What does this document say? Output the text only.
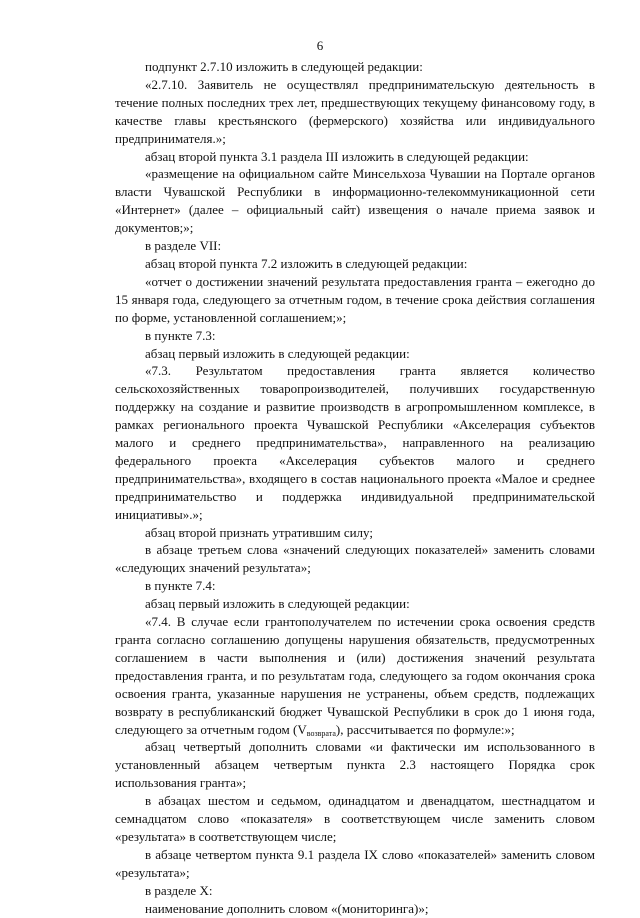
6

подпункт 2.7.10 изложить в следующей редакции:

«2.7.10. Заявитель не осуществлял предпринимательскую деятельность в течение полных последних трех лет, предшествующих текущему финансовому году, в качестве главы крестьянского (фермерского) хозяйства или индивидуального предпринимателя.»;

абзац второй пункта 3.1 раздела III изложить в следующей редакции:

«размещение на официальном сайте Минсельхоза Чувашии на Портале органов власти Чувашской Республики в информационно-телекоммуникационной сети «Интернет» (далее – официальный сайт) извещения о начале приема заявок и документов;»;

в разделе VII:

абзац второй пункта 7.2 изложить в следующей редакции:

«отчет о достижении значений результата предоставления гранта – ежегодно до 15 января года, следующего за отчетным годом, в течение срока действия соглашения по форме, установленной соглашением;»;

в пункте 7.3:

абзац первый изложить в следующей редакции:

«7.3. Результатом предоставления гранта является количество сельскохозяйственных товаропроизводителей, получивших государственную поддержку на создание и развитие производств в агропромышленном комплексе, в рамках регионального проекта Чувашской Республики «Акселерация субъектов малого и среднего предпринимательства», направленного на реализацию федерального проекта «Акселерация субъектов малого и среднего предпринимательства», входящего в состав национального проекта «Малое и среднее предпринимательство и поддержка индивидуальной предпринимательской инициативы».»;

абзац второй признать утратившим силу;

в абзаце третьем слова «значений следующих показателей» заменить словами «следующих значений результата»;

в пункте 7.4:

абзац первый изложить в следующей редакции:

«7.4. В случае если грантополучателем по истечении срока освоения средств гранта согласно соглашению допущены нарушения обязательств, предусмотренных соглашением в части выполнения и (или) достижения значений результата предоставления гранта, и по результатам года, следующего за годом окончания срока освоения гранта, указанные нарушения не устранены, объем средств, подлежащих возврату в республиканский бюджет Чувашской Республики в срок до 1 июня года, следующего за отчетным годом $(V_{возврата})$, рассчитывается по формуле:»;

абзац четвертый дополнить словами «и фактически им использованного в установленный абзацем четвертым пункта 2.3 настоящего Порядка срок использования гранта»;

в абзацах шестом и седьмом, одинадцатом и двенадцатом, шестнадцатом и семнадцатом слово «показателя» в соответствующем числе заменить словом «результата» в соответствующем числе;

в абзаце четвертом пункта 9.1 раздела IX слово «показателей» заменить словом «результата»;

в разделе X:

наименование дополнить словом «(мониторинга)»;
